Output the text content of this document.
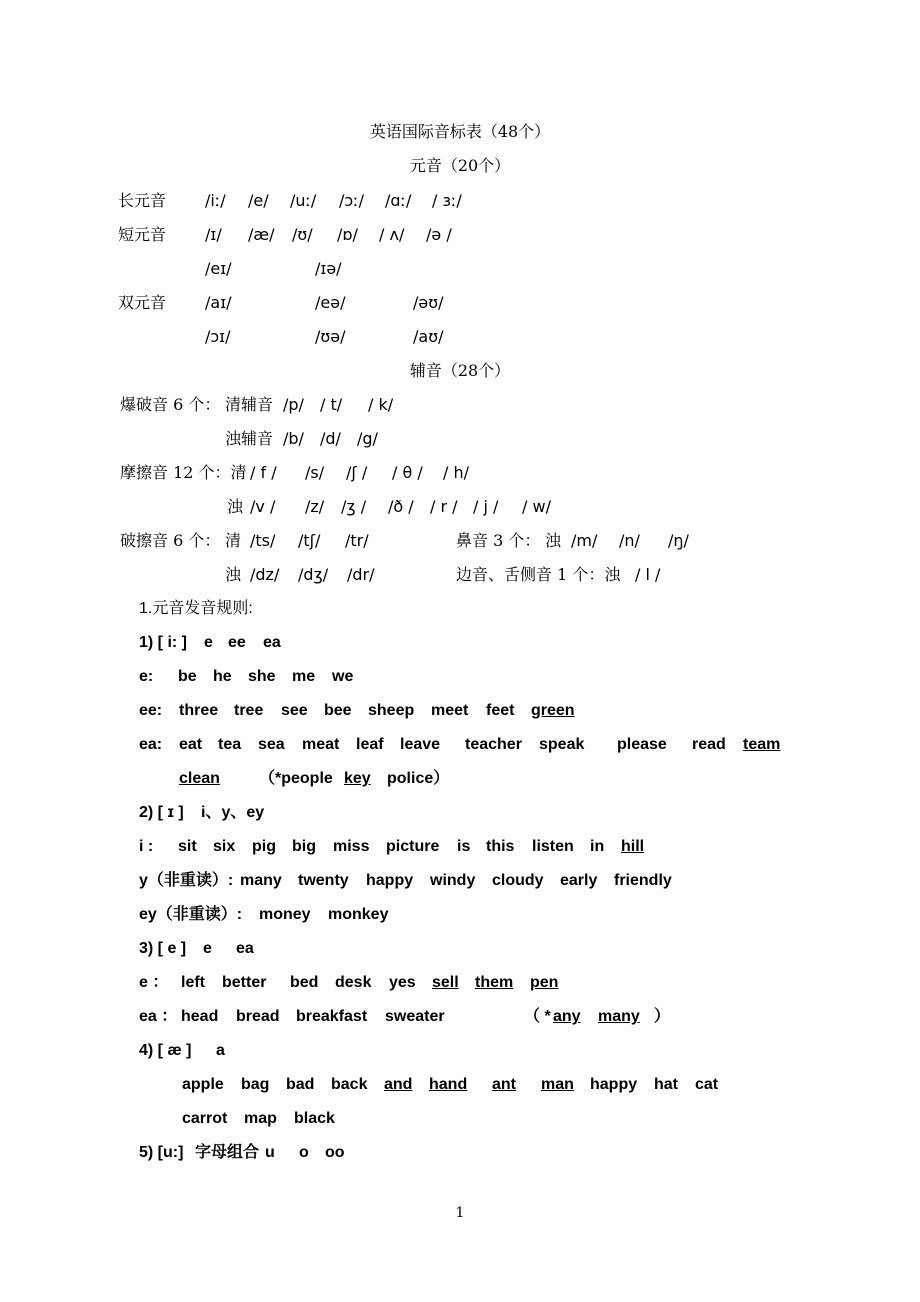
英语国际音标表（48个）
元音（20个）
长元音 /iː/ /e/ /uː/ /ɔː/ /ɑː/ / ɜː/
短元音 /ɪ/ /æ/ /ʊ/ /ɒ/ / ʌ/ /ə /
/eɪ/	/ɪə/
双元音 /aɪ/	/eə/	/əʊ/
/ɔɪ/	/ʊə/	/aʊ/
辅音（28个）
爆破音 6 个： 清辅音 /p/ / t/ / k/
浊辅音 /b/ /d/ /g/
摩擦音 12 个：清 / f / /s/ /ʃ / / θ / / h/
浊 /v / /z/ /ʒ / /ð / / r / / j / / w/
破擦音 6 个： 清 /ts/ /tʃ/ /tr/	鼻音 3 个： 浊 /m/ /n/ /ŋ/
浊 /dz/ /dʒ/ /dr/	边音、舌侧音 1 个：浊 / l /
1.元音发音规则:
1) [ i: ] e ee ea
e: be he she me we
ee: three tree see bee sheep meet feet green
ea: eat tea sea meat leaf leave teacher speak please read team
clean （*people key police）
2) [ ɪ ] i、y、ey
i : sit six pig big miss picture is this listen in hill
y（非重读）: many twenty happy windy cloudy early friendly
ey（非重读）: money monkey
3) [ e ] e ea
e ： left better bed desk yes sell them pen
ea ： head bread breakfast sweater	（ * any many ）
4) [ æ ] a
apple bag bad back and hand ant man happy hat cat
carrot map black
5) [u:] 字母组合 u o oo
1
